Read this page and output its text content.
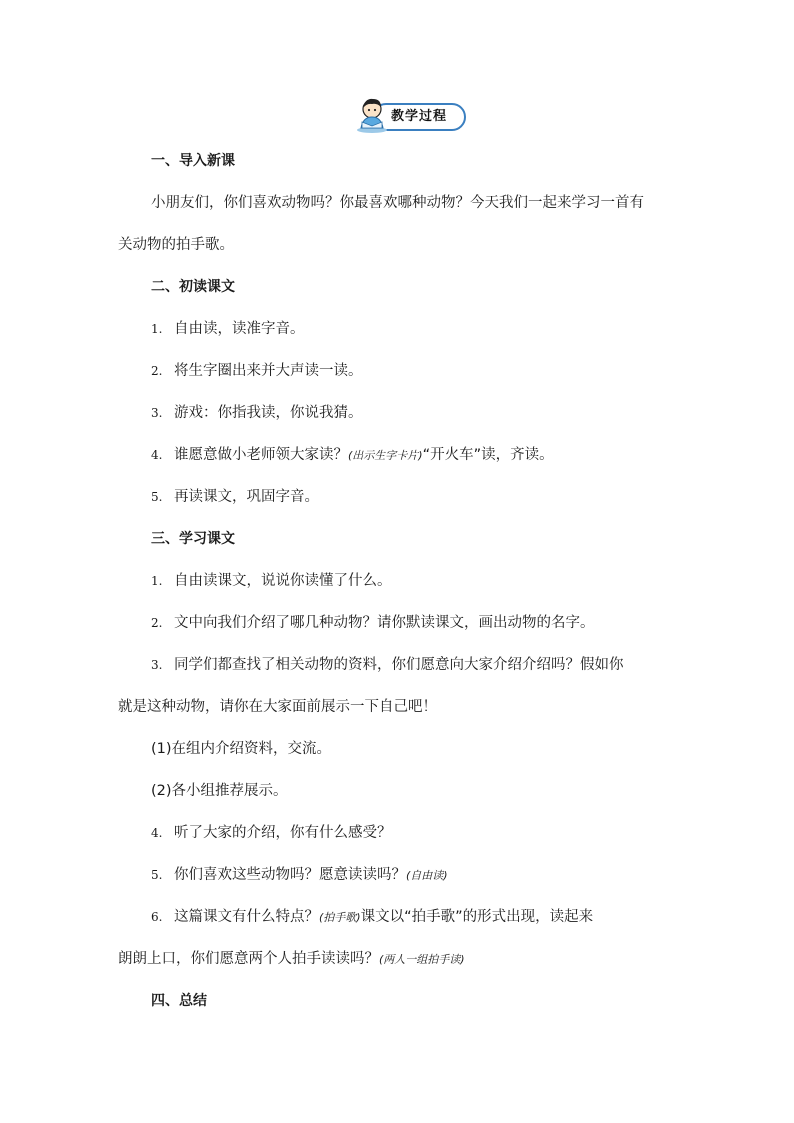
教学过程
一、导入新课
小朋友们，你们喜欢动物吗？你最喜欢哪种动物？今天我们一起来学习一首有
关动物的拍手歌。
二、初读课文
1. 自由读，读准字音。
2. 将生字圈出来并大声读一读。
3. 游戏：你指我读，你说我猜。
4. 谁愿意做小老师领大家读？(出示生字卡片)“开火车”读，齐读。
5. 再读课文，巩固字音。
三、学习课文
1. 自由读课文，说说你读懂了什么。
2. 文中向我们介绍了哪几种动物？请你默读课文，画出动物的名字。
3. 同学们都查找了相关动物的资料，你们愿意向大家介绍介绍吗？假如你
就是这种动物，请你在大家面前展示一下自己吧！
(1)在组内介绍资料，交流。
(2)各小组推荐展示。
4. 听了大家的介绍，你有什么感受？
5. 你们喜欢这些动物吗？愿意读读吗？(自由读)
6. 这篇课文有什么特点？(拍手歌)课文以“拍手歌”的形式出现，读起来
朗朗上口，你们愿意两个人拍手读读吗？(两人一组拍手读)
四、总结
